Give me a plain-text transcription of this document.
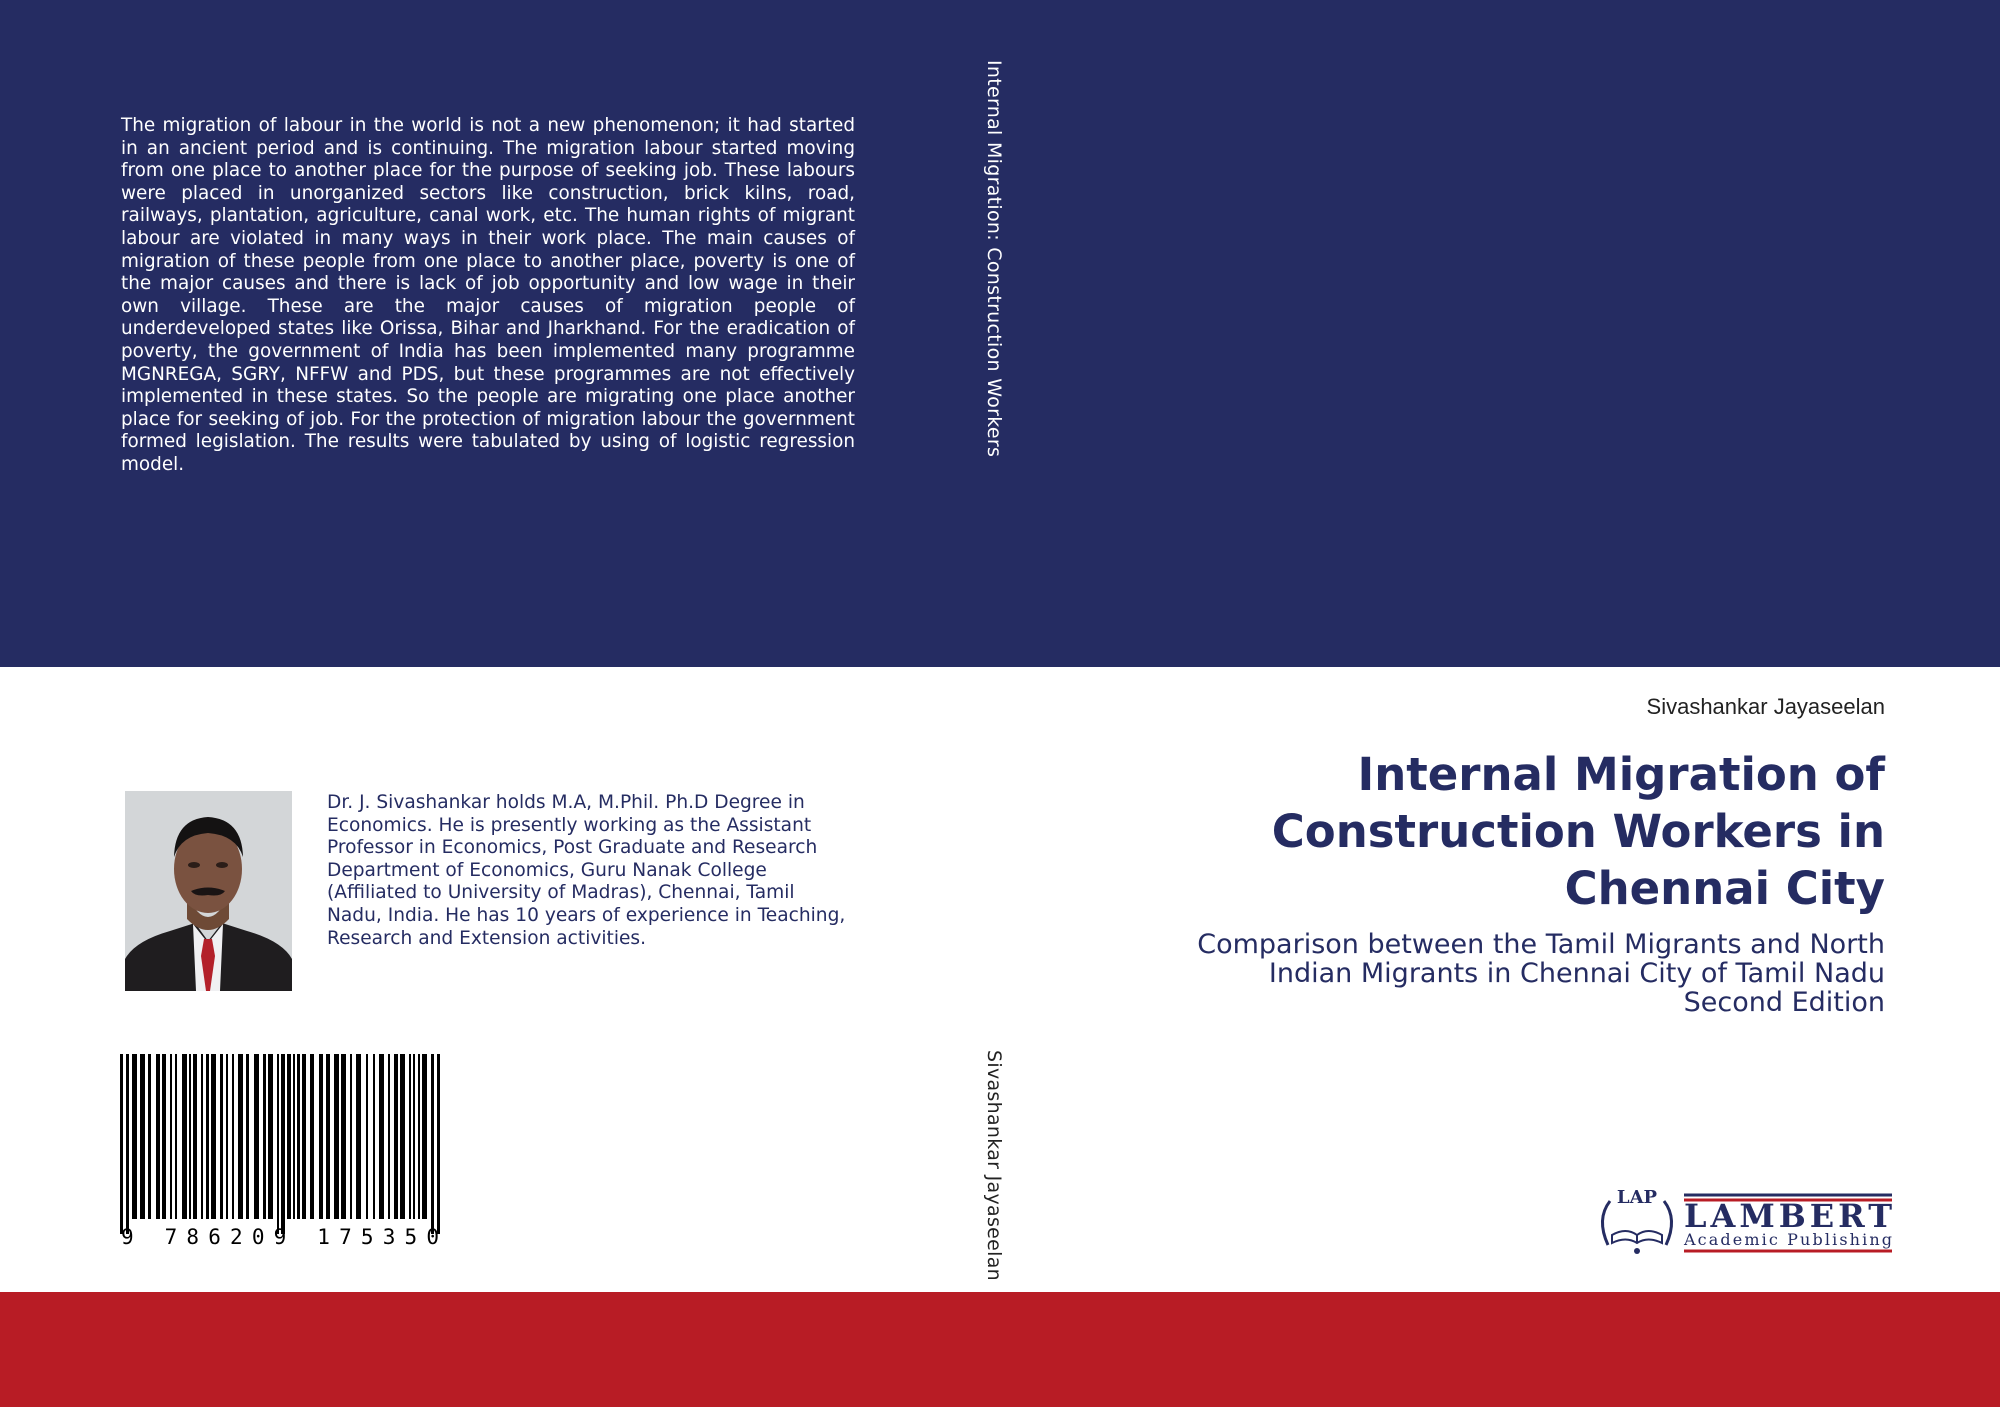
The migration of labour in the world is not a new phenomenon; it had started in an ancient period and is continuing. The migration labour started moving from one place to another place for the purpose of seeking job. These labours were placed in unorganized sectors like construction, brick kilns, road, railways, plantation, agriculture, canal work, etc. The human rights of migrant labour are violated in many ways in their work place. The main causes of migration of these people from one place to another place, poverty is one of the major causes and there is lack of job opportunity and low wage in their own village. These are the major causes of migration people of underdeveloped states like Orissa, Bihar and Jharkhand. For the eradication of poverty, the government of India has been implemented many programme MGNREGA, SGRY, NFFW and PDS, but these programmes are not effectively implemented in these states. So the people are migrating one place another place for seeking of job. For the protection of migration labour the government formed legislation. The results were tabulated by using of logistic regression model.

Internal Migration: Construction Workers
Sivashankar Jayaseelan
Sivashankar Jayaseelan
Internal Migration of Construction Workers in Chennai City
Comparison between the Tamil Migrants and North
Indian Migrants in Chennai City of Tamil Nadu
Second Edition

Dr. J. Sivashankar holds M.A, M.Phil. Ph.D Degree in Economics. He is presently working as the Assistant Professor in Economics, Post Graduate and Research Department of Economics, Guru Nanak College (Affiliated to University of Madras), Chennai, Tamil Nadu, India. He has 10 years of experience in Teaching, Research and Extension activities.

9 786209 175350
LAP LAMBERT
Academic Publishing
